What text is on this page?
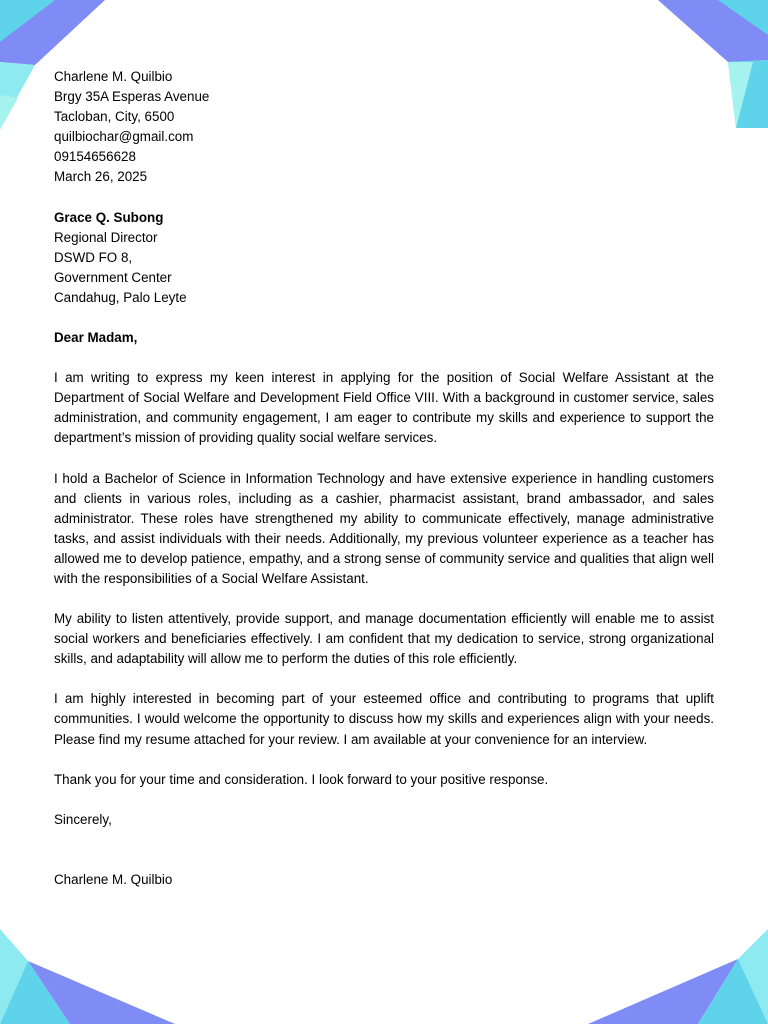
Charlene M. Quilbio
Brgy 35A Esperas Avenue
Tacloban, City, 6500
quilbiochar@gmail.com
09154656628
March 26, 2025
Grace Q. Subong
Regional Director
DSWD FO 8,
Government Center
Candahug, Palo Leyte
Dear Madam,

I am writing to express my keen interest in applying for the position of Social Welfare Assistant at the Department of Social Welfare and Development Field Office VIII. With a background in customer service, sales administration, and community engagement, I am eager to contribute my skills and experience to support the department’s mission of providing quality social welfare services.

I hold a Bachelor of Science in Information Technology and have extensive experience in handling customers and clients in various roles, including as a cashier, pharmacist assistant, brand ambassador, and sales administrator. These roles have strengthened my ability to communicate effectively, manage administrative tasks, and assist individuals with their needs. Additionally, my previous volunteer experience as a teacher has allowed me to develop patience, empathy, and a strong sense of community service and qualities that align well with the responsibilities of a Social Welfare Assistant.

My ability to listen attentively, provide support, and manage documentation efficiently will enable me to assist social workers and beneficiaries effectively. I am confident that my dedication to service, strong organizational skills, and adaptability will allow me to perform the duties of this role efficiently.

I am highly interested in becoming part of your esteemed office and contributing to programs that uplift communities. I would welcome the opportunity to discuss how my skills and experiences align with your needs. Please find my resume attached for your review. I am available at your convenience for an interview.

Thank you for your time and consideration. I look forward to your positive response.

Sincerely,
Charlene M. Quilbio
